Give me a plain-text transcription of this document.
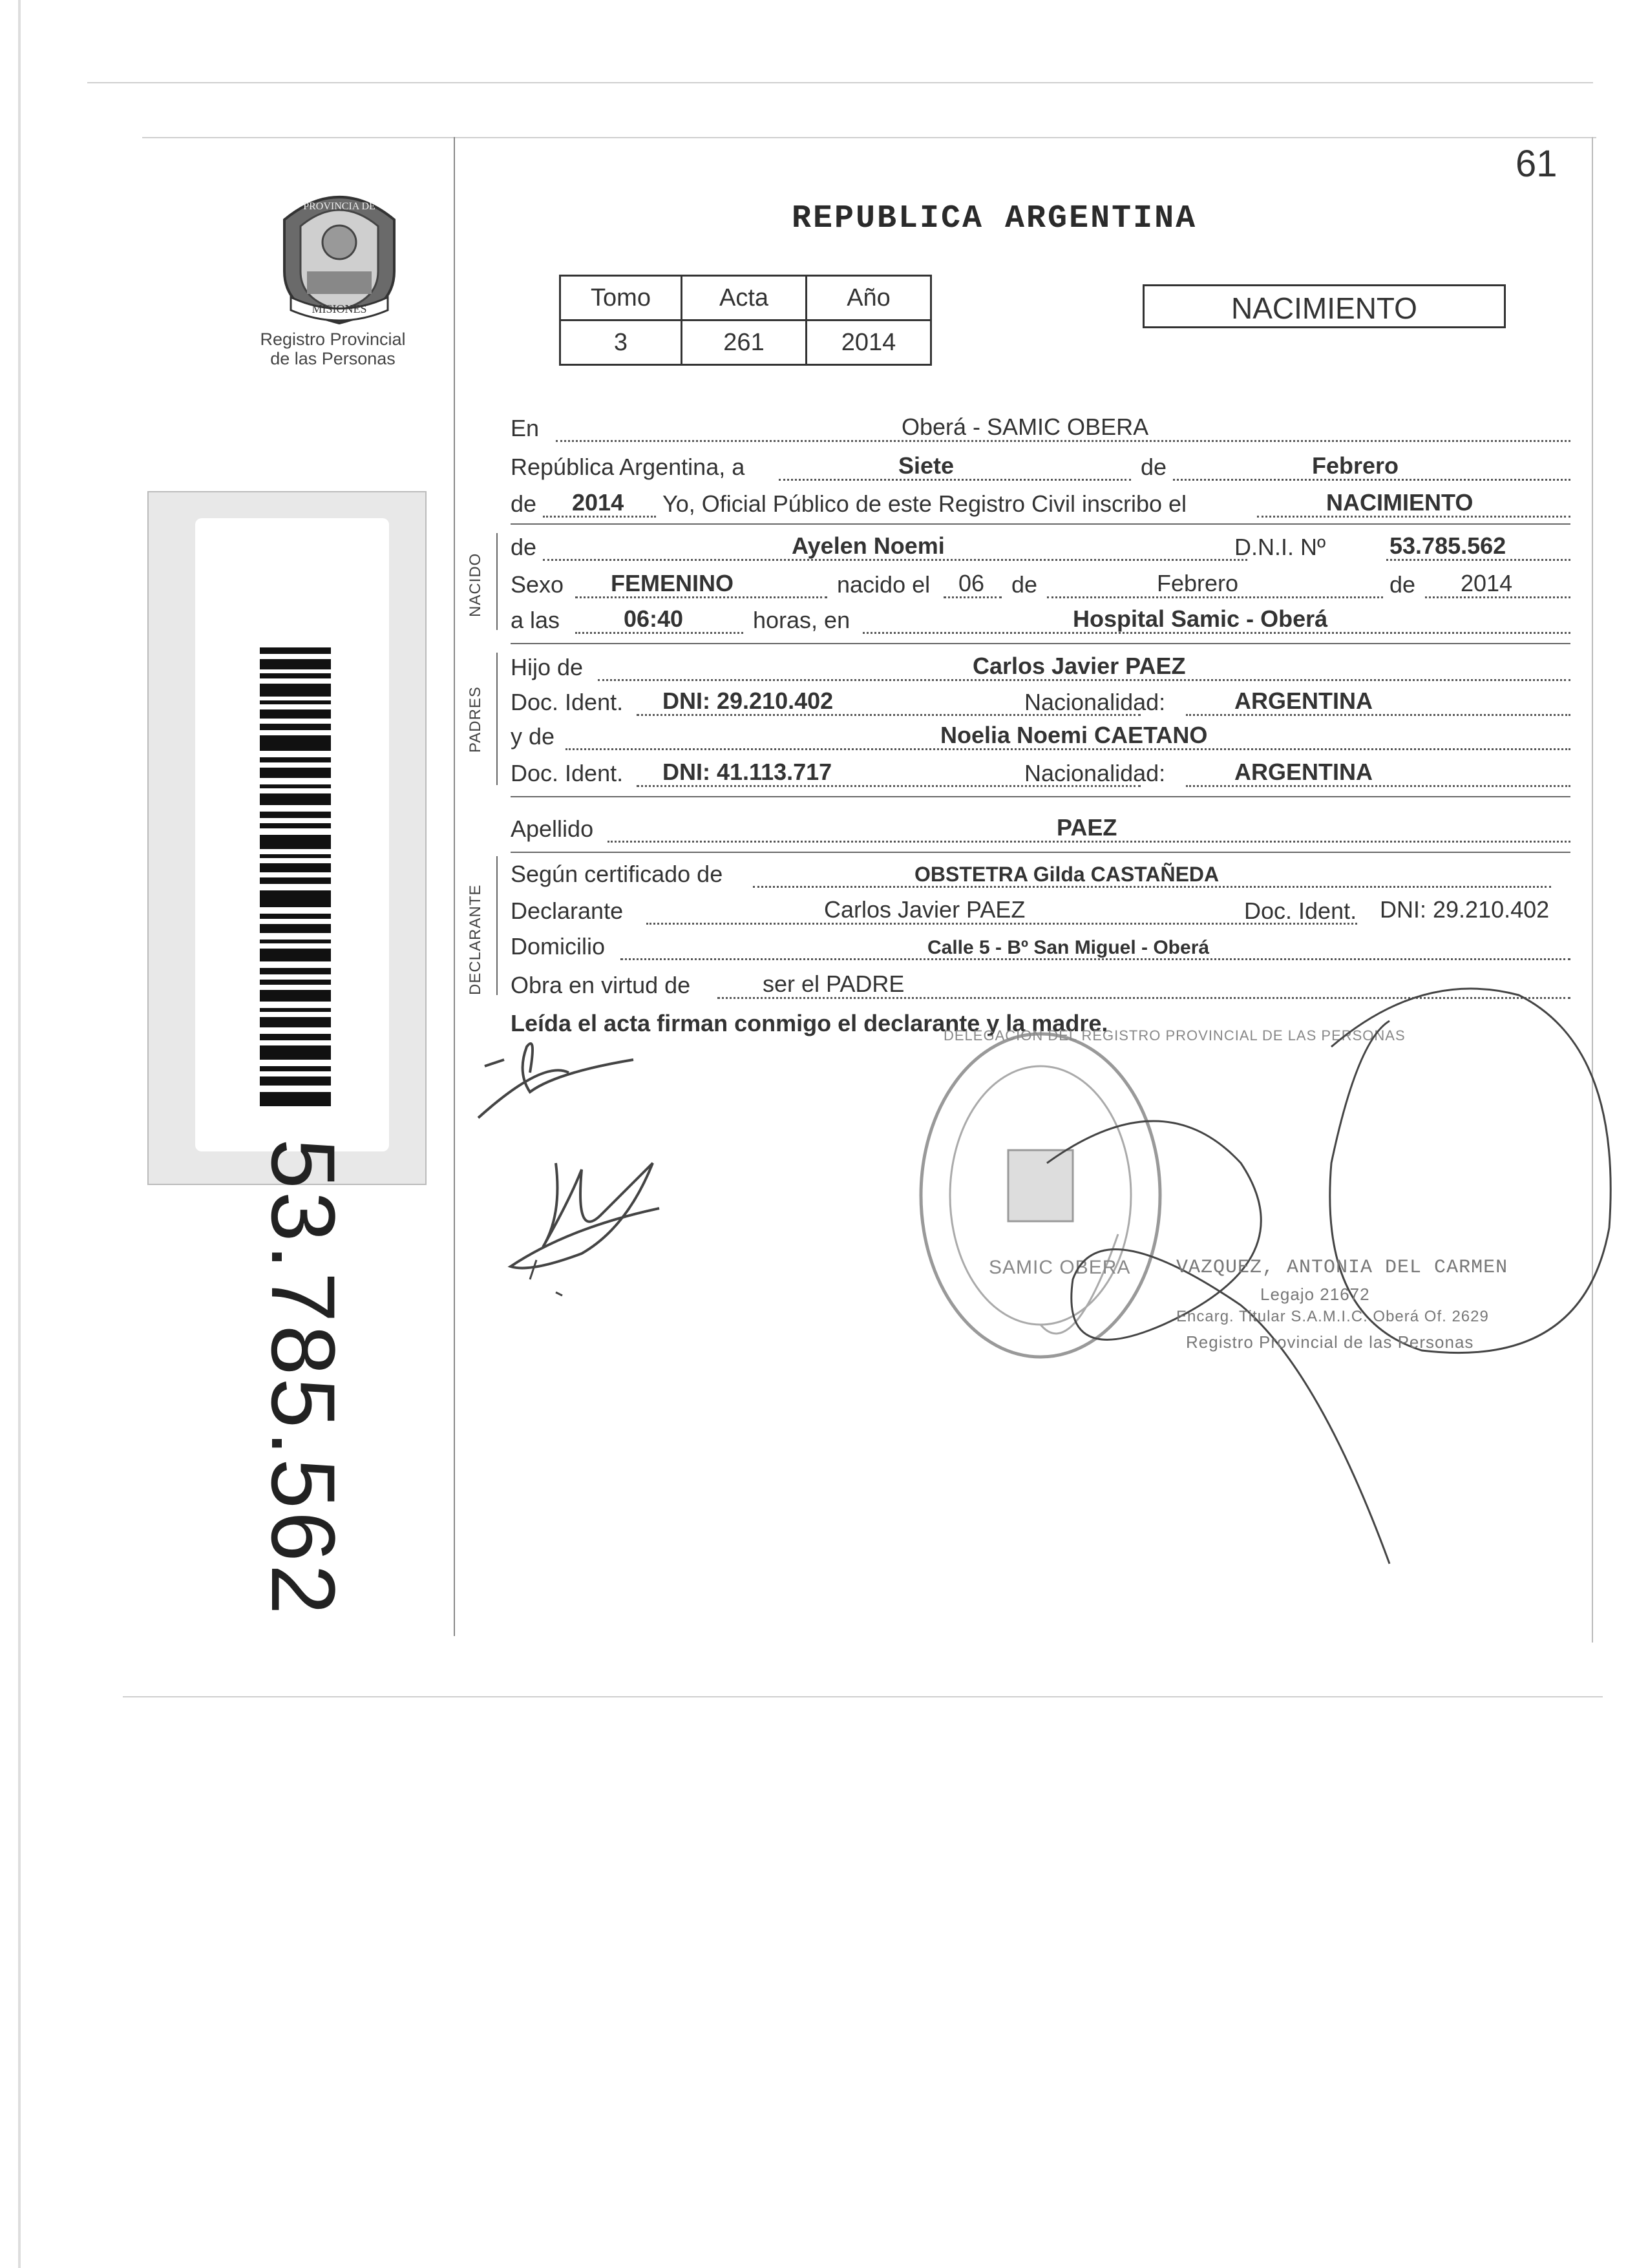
61
REPUBLICA ARGENTINA
MISIONES
PROVINCIA DE
Registro Provincial
de las Personas
Tomo	Acta	Año
3	261	2014
NACIMIENTO
53.785.562
NACIDO
PADRES
DECLARANTE
En	Oberá - SAMIC OBERA
República Argentina, a	Siete	de	Febrero
de 2014 Yo, Oficial Público de este Registro Civil inscribo el	NACIMIENTO
de	Ayelen Noemi	D.N.I. Nº	53.785.562
Sexo FEMENINO	nacido el 06 de	Febrero	de 2014
a las	06:40	horas, en	Hospital Samic - Oberá
Hijo de	Carlos Javier PAEZ
Doc. Ident. DNI: 29.210.402	Nacionalidad:	ARGENTINA
y de	Noelia Noemi CAETANO
Doc. Ident. DNI: 41.113.717	Nacionalidad:	ARGENTINA
Apellido	PAEZ
Según certificado de	OBSTETRA Gilda CASTAÑEDA
Declarante	Carlos Javier PAEZ	Doc. Ident. DNI: 29.210.402
Domicilio	Calle 5 - Bº San Miguel - Oberá
Obra en virtud de	ser el PADRE
Leída el acta firman conmigo el declarante y la madre.
DELEGACION DEL REGISTRO PROVINCIAL DE LAS PERSONAS
SAMIC OBERA VAZQUEZ, ANTONIA DEL CARMEN
Legajo 21672
Encarg. Titular S.A.M.I.C. Oberá Of. 2629
Registro Provincial de las Personas
